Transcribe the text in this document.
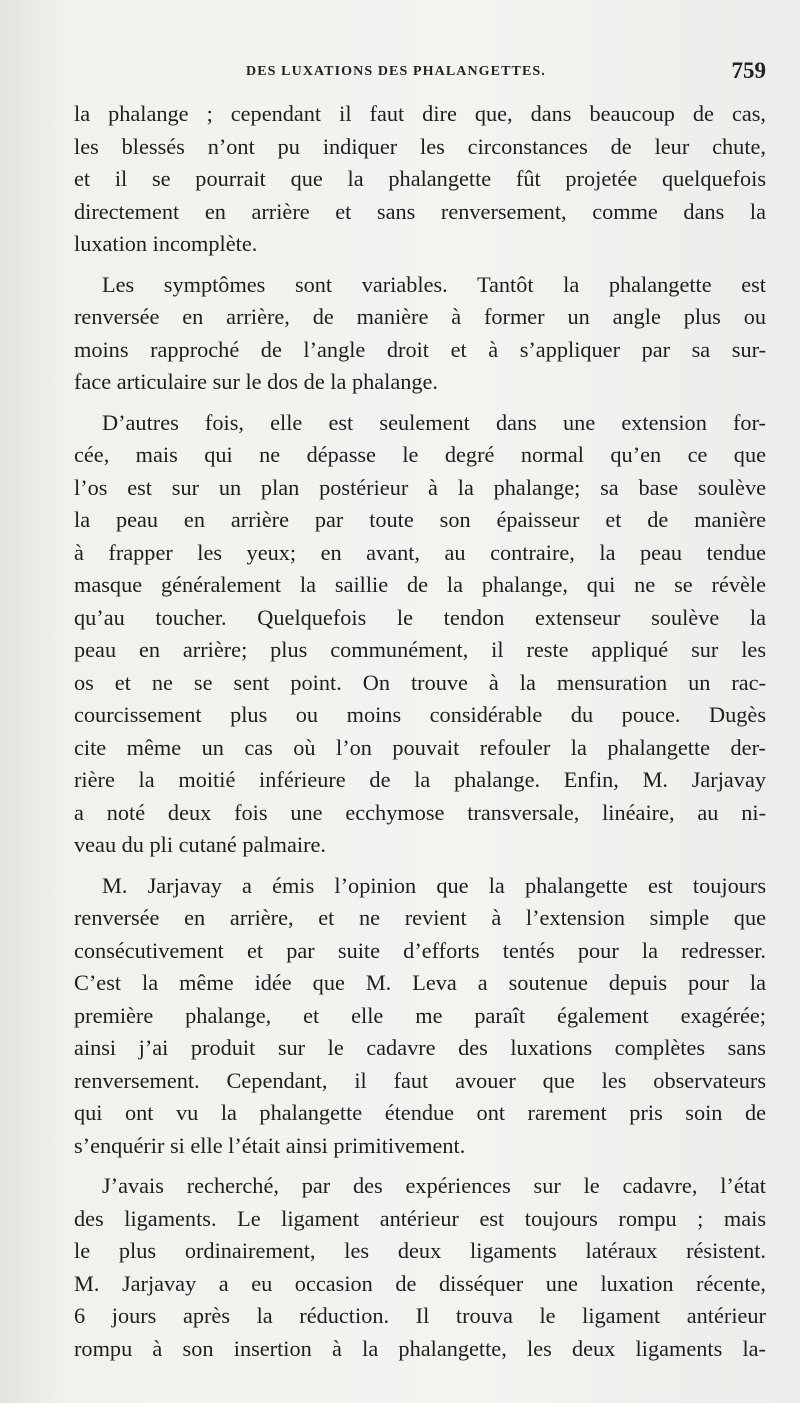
DES LUXATIONS DES PHALANGETTES.	759

la phalange ; cependant il faut dire que, dans beaucoup de cas,
les blessés n’ont pu indiquer les circonstances de leur chute,
et il se pourrait que la phalangette fût projetée quelquefois
directement en arrière et sans renversement, comme dans la
luxation incomplète.

Les symptômes sont variables. Tantôt la phalangette est
renversée en arrière, de manière à former un angle plus ou
moins rapproché de l’angle droit et à s’appliquer par sa sur-
face articulaire sur le dos de la phalange.

D’autres fois, elle est seulement dans une extension for-
cée, mais qui ne dépasse le degré normal qu’en ce que
l’os est sur un plan postérieur à la phalange; sa base soulève
la peau en arrière par toute son épaisseur et de manière
à frapper les yeux; en avant, au contraire, la peau tendue
masque généralement la saillie de la phalange, qui ne se révèle
qu’au toucher. Quelquefois le tendon extenseur soulève la
peau en arrière; plus communément, il reste appliqué sur les
os et ne se sent point. On trouve à la mensuration un rac-
courcissement plus ou moins considérable du pouce. Dugès
cite même un cas où l’on pouvait refouler la phalangette der-
rière la moitié inférieure de la phalange. Enfin, M. Jarjavay
a noté deux fois une ecchymose transversale, linéaire, au ni-
veau du pli cutané palmaire.

M. Jarjavay a émis l’opinion que la phalangette est toujours
renversée en arrière, et ne revient à l’extension simple que
consécutivement et par suite d’efforts tentés pour la redresser.
C’est la même idée que M. Leva a soutenue depuis pour la
première phalange, et elle me paraît également exagérée;
ainsi j’ai produit sur le cadavre des luxations complètes sans
renversement. Cependant, il faut avouer que les observateurs
qui ont vu la phalangette étendue ont rarement pris soin de
s’enquérir si elle l’était ainsi primitivement.

J’avais recherché, par des expériences sur le cadavre, l’état
des ligaments. Le ligament antérieur est toujours rompu ; mais
le plus ordinairement, les deux ligaments latéraux résistent.
M. Jarjavay a eu occasion de disséquer une luxation récente,
6 jours après la réduction. Il trouva le ligament antérieur
rompu à son insertion à la phalangette, les deux ligaments la-
